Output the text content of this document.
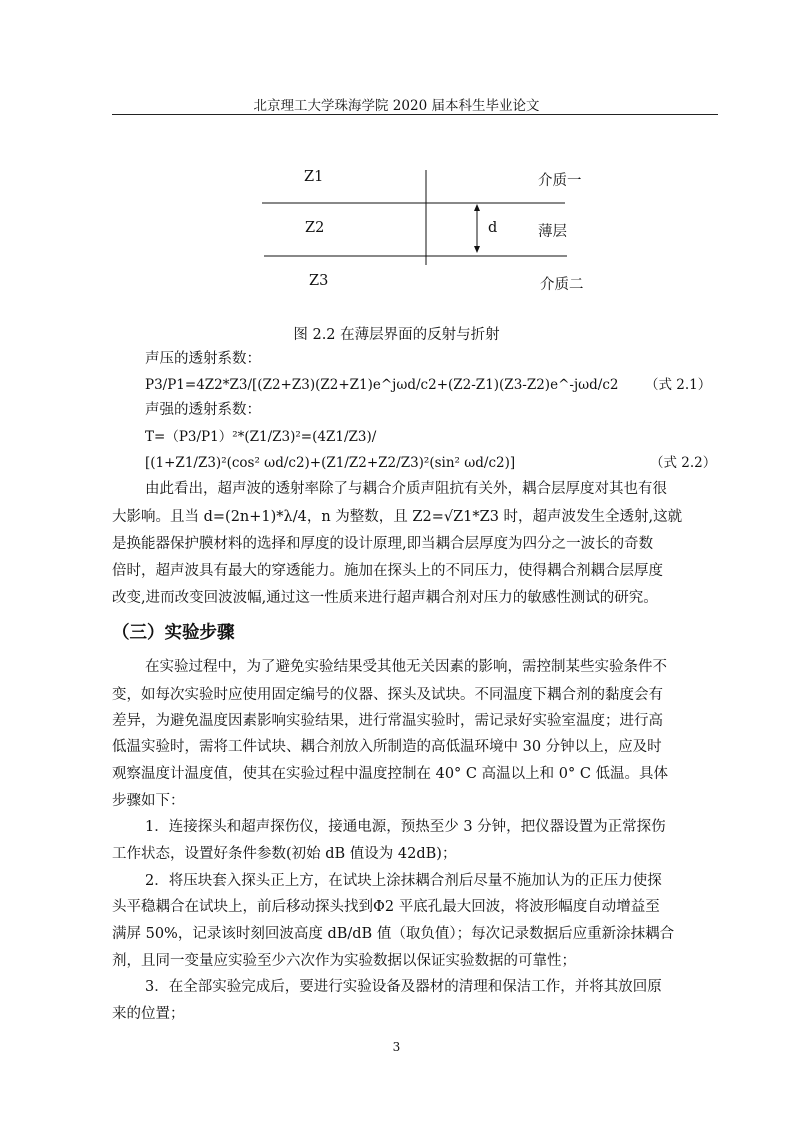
北京理工大学珠海学院 2020 届本科生毕业论文
Z1	介质一
Z2	d	薄层
Z3	介质二
图 2.2 在薄层界面的反射与折射
声压的透射系数：
P3/P1=4Z2*Z3/[(Z2+Z3)(Z2+Z1)e^jωd/c2+(Z2-Z1)(Z3-Z2)e^-jωd/c2 （式 2.1）
声强的透射系数：
T=（P3/P1）²*(Z1/Z3)²=(4Z1/Z3)/
[(1+Z1/Z3)²(cos² ωd/c2)+(Z1/Z2+Z2/Z3)²(sin² ωd/c2)]	（式 2.2）
由此看出，超声波的透射率除了与耦合介质声阻抗有关外，耦合层厚度对其也有很
大影响。且当 d=(2n+1)*λ/4，n 为整数，且 Z2=√Z1*Z3 时，超声波发生全透射,这就
是换能器保护膜材料的选择和厚度的设计原理,即当耦合层厚度为四分之一波长的奇数
倍时，超声波具有最大的穿透能力。施加在探头上的不同压力，使得耦合剂耦合层厚度
改变,进而改变回波波幅,通过这一性质来进行超声耦合剂对压力的敏感性测试的研究。
（三）实验步骤
在实验过程中，为了避免实验结果受其他无关因素的影响，需控制某些实验条件不
变，如每次实验时应使用固定编号的仪器、探头及试块。不同温度下耦合剂的黏度会有
差异，为避免温度因素影响实验结果，进行常温实验时，需记录好实验室温度；进行高
低温实验时，需将工件试块、耦合剂放入所制造的高低温环境中 30 分钟以上，应及时
观察温度计温度值，使其在实验过程中温度控制在 40° C 高温以上和 0° C 低温。具体
步骤如下：
1．连接探头和超声探伤仪，接通电源，预热至少 3 分钟，把仪器设置为正常探伤
工作状态，设置好条件参数(初始 dB 值设为 42dB)；
2．将压块套入探头正上方，在试块上涂抹耦合剂后尽量不施加认为的正压力使探
头平稳耦合在试块上，前后移动探头找到Φ2 平底孔最大回波，将波形幅度自动增益至
满屏 50%，记录该时刻回波高度 dB/dB 值（取负值）；每次记录数据后应重新涂抹耦合
剂，且同一变量应实验至少六次作为实验数据以保证实验数据的可靠性；
3．在全部实验完成后，要进行实验设备及器材的清理和保洁工作，并将其放回原
来的位置；
3
